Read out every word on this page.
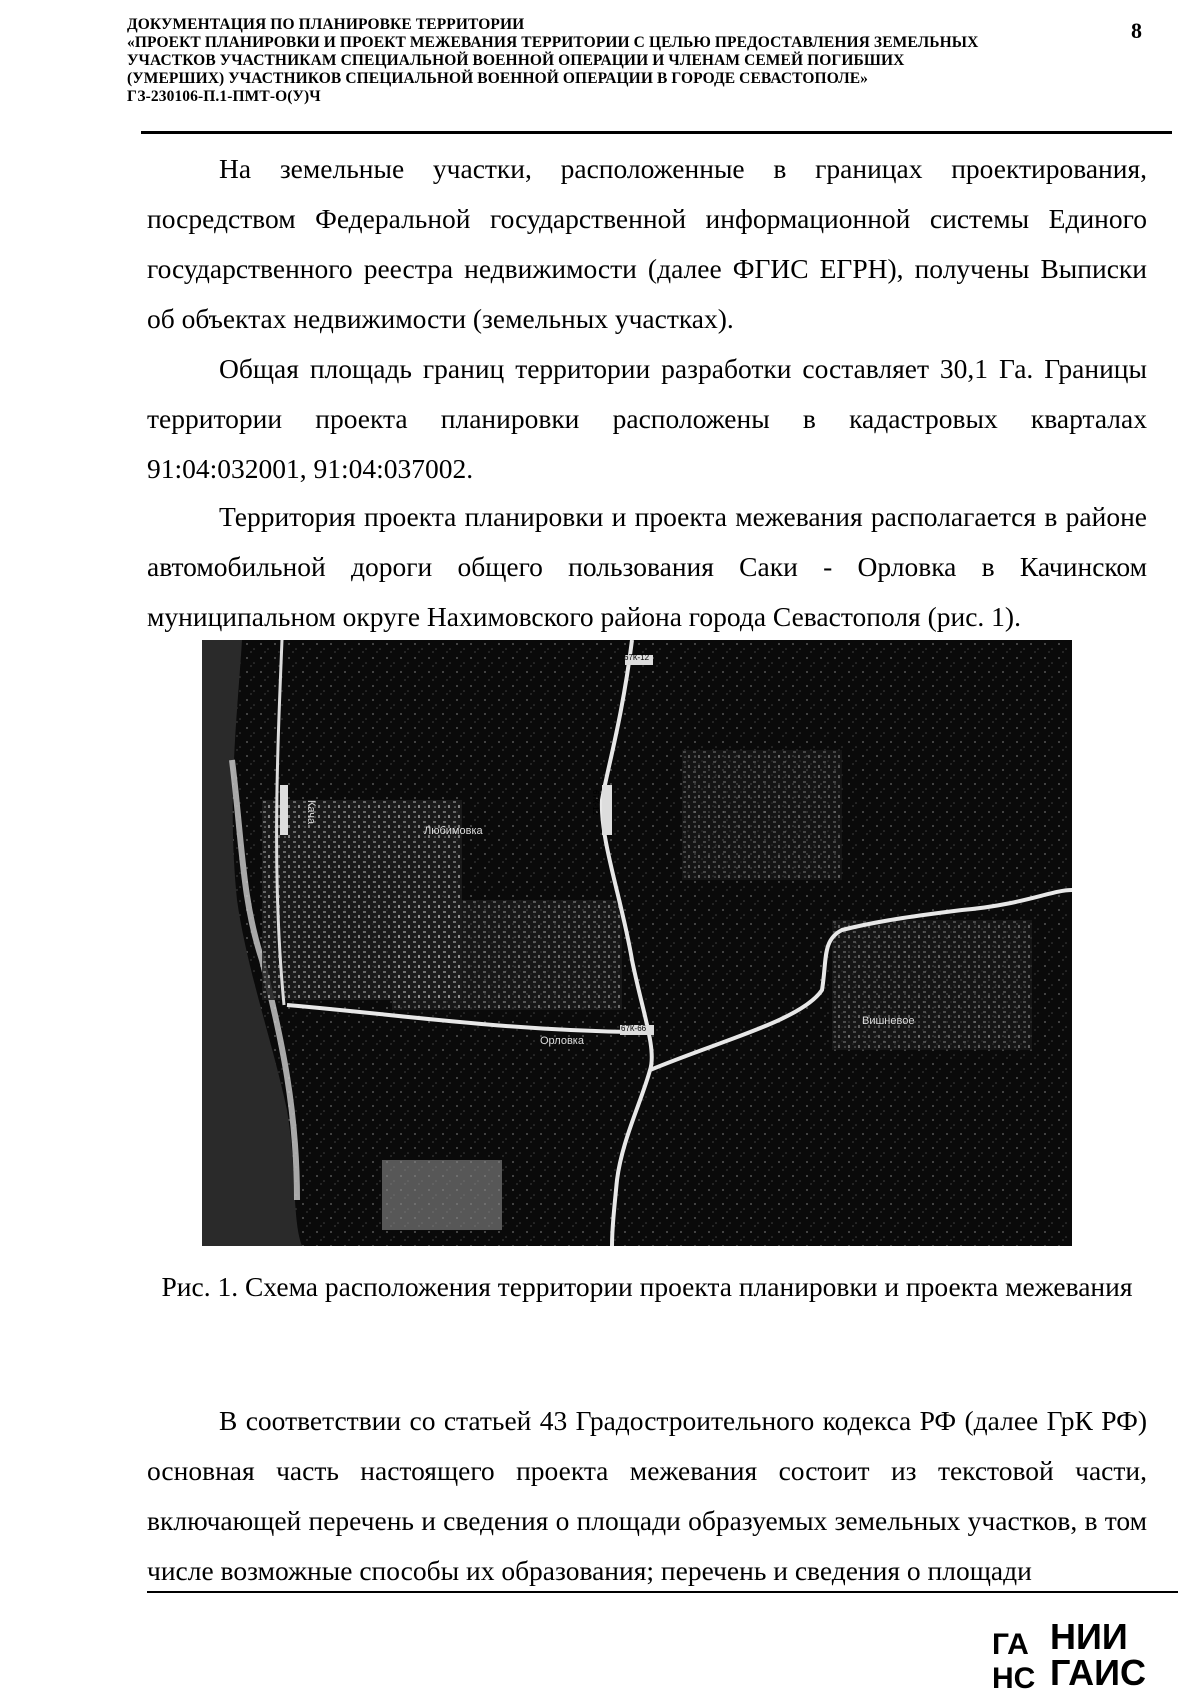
ДОКУМЕНТАЦИЯ ПО ПЛАНИРОВКЕ ТЕРРИТОРИИ
«ПРОЕКТ ПЛАНИРОВКИ И ПРОЕКТ МЕЖЕВАНИЯ ТЕРРИТОРИИ С ЦЕЛЬЮ ПРЕДОСТАВЛЕНИЯ ЗЕМЕЛЬНЫХ
УЧАСТКОВ УЧАСТНИКАМ СПЕЦИАЛЬНОЙ ВОЕННОЙ ОПЕРАЦИИ И ЧЛЕНАМ СЕМЕЙ ПОГИБШИХ
(УМЕРШИХ) УЧАСТНИКОВ СПЕЦИАЛЬНОЙ ВОЕННОЙ ОПЕРАЦИИ В ГОРОДЕ СЕВАСТОПОЛЕ»
ГЗ-230106-П.1-ПМТ-О(У)Ч
8

На земельные участки, расположенные в границах проектирования, посредством Федеральной государственной информационной системы Единого государственного реестра недвижимости (далее ФГИС ЕГРН), получены Выписки об объектах недвижимости (земельных участках).

Общая площадь границ территории разработки составляет 30,1 Га. Границы территории проекта планировки расположены в кадастровых кварталах 91:04:032001, 91:04:037002.

Территория проекта планировки и проекта межевания располагается в районе автомобильной дороги общего пользования Саки - Орловка в Качинском муниципальном округе Нахимовского района города Севастополя (рис. 1).

Кача
Любимовка
Орловка
Вишневое
67К-12
67К-12
67К-66
Рис. 1. Схема расположения территории проекта планировки и проекта межевания

В соответствии со статьей 43 Градостроительного кодекса РФ (далее ГрК РФ) основная часть настоящего проекта межевания состоит из текстовой части, включающей перечень и сведения о площади образуемых земельных участков, в том числе возможные способы их образования; перечень и сведения о площади

ГА
НС
НИИ
ГАИС
